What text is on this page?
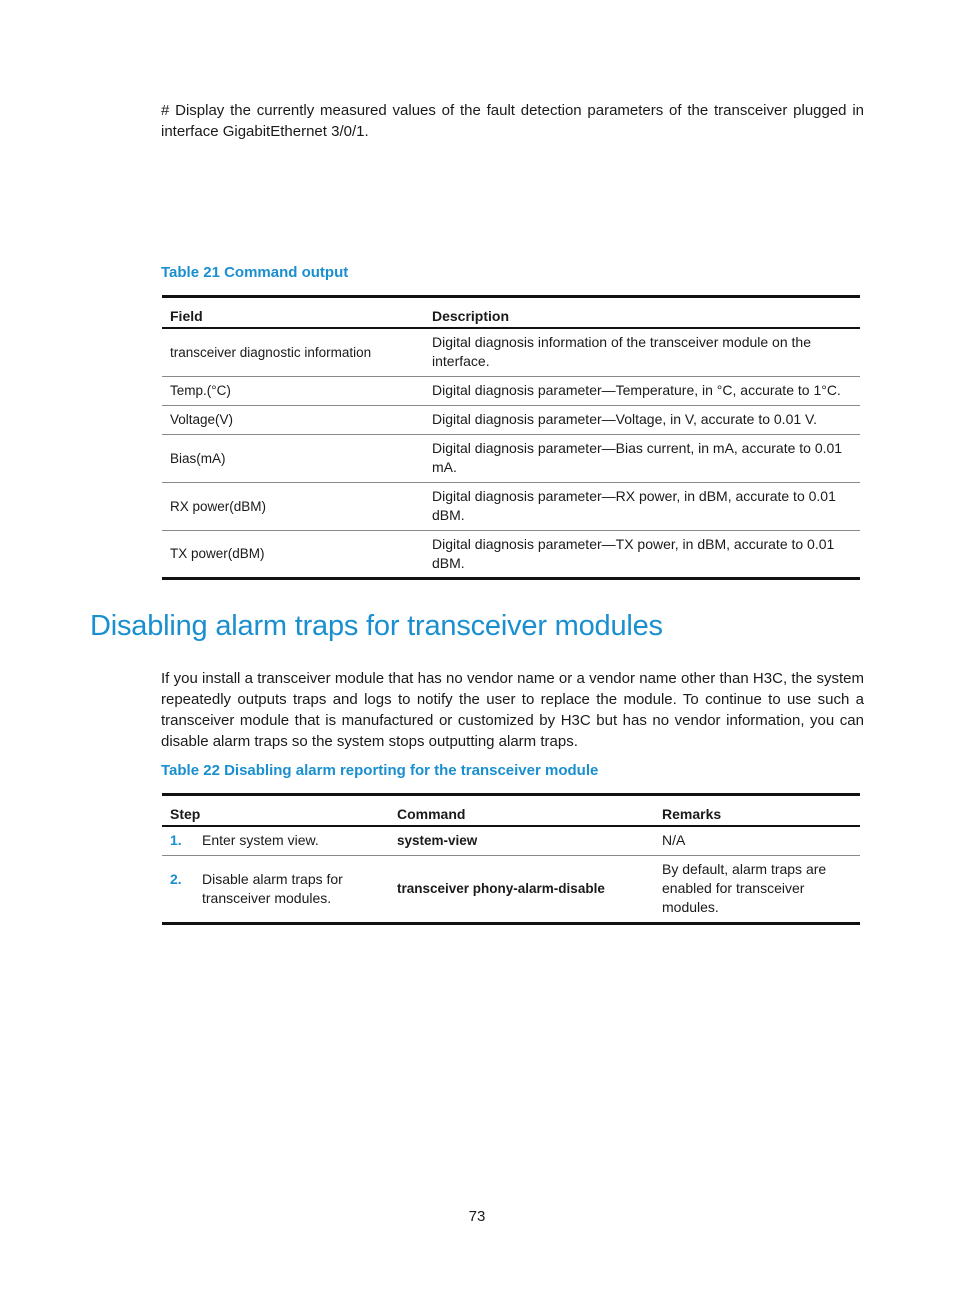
# Display the currently measured values of the fault detection parameters of the transceiver plugged in interface GigabitEthernet 3/0/1.

Table 21 Command output

Field	Description
transceiver diagnostic information	Digital diagnosis information of the transceiver module on the interface.
Temp.(°C)	Digital diagnosis parameter—Temperature, in °C, accurate to 1°C.
Voltage(V)	Digital diagnosis parameter—Voltage, in V, accurate to 0.01 V.
Bias(mA)	Digital diagnosis parameter—Bias current, in mA, accurate to 0.01 mA.
RX power(dBM)	Digital diagnosis parameter—RX power, in dBM, accurate to 0.01 dBM.
TX power(dBM)	Digital diagnosis parameter—TX power, in dBM, accurate to 0.01 dBM.
Disabling alarm traps for transceiver modules

If you install a transceiver module that has no vendor name or a vendor name other than H3C, the system repeatedly outputs traps and logs to notify the user to replace the module. To continue to use such a transceiver module that is manufactured or customized by H3C but has no vendor information, you can disable alarm traps so the system stops outputting alarm traps.

Table 22 Disabling alarm reporting for the transceiver module

Step	Command	Remarks
1. Enter system view.	system-view	N/A
2. Disable alarm traps for transceiver modules.	transceiver phony-alarm-disable	By default, alarm traps are enabled for transceiver modules.
73
